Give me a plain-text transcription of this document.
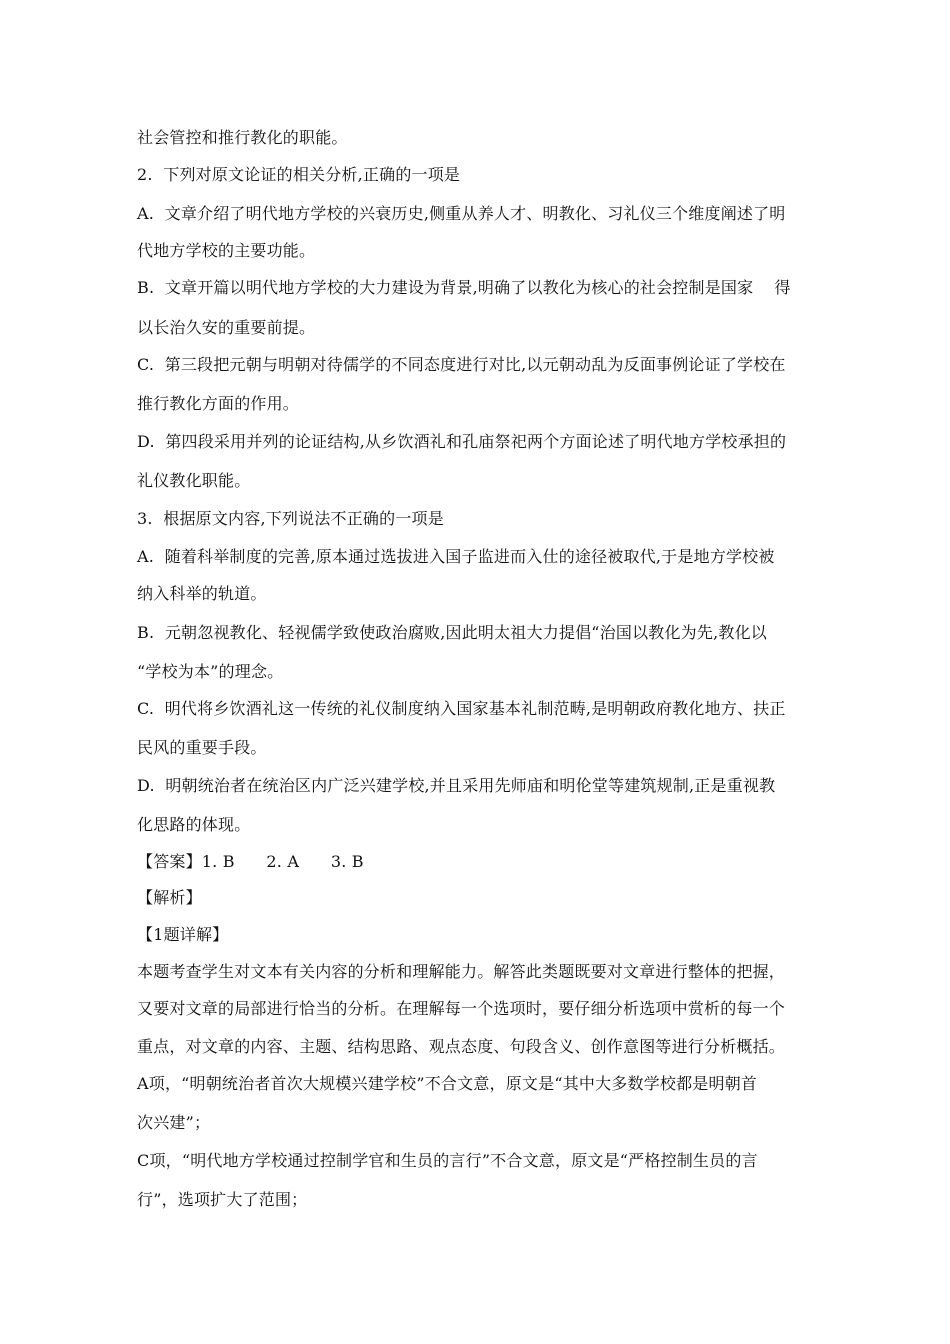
社会管控和推行教化的职能。
2.  下列对原文论证的相关分析,正确的一项是
A.  文章介绍了明代地方学校的兴衰历史,侧重从养人才、明教化、习礼仪三个维度阐述了明
代地方学校的主要功能。
B.  文章开篇以明代地方学校的大力建设为背景,明确了以教化为核心的社会控制是国家    得
以长治久安的重要前提。
C.  第三段把元朝与明朝对待儒学的不同态度进行对比,以元朝动乱为反面事例论证了学校在
推行教化方面的作用。
D.  第四段采用并列的论证结构,从乡饮酒礼和孔庙祭祀两个方面论述了明代地方学校承担的
礼仪教化职能。
3.  根据原文内容,下列说法不正确的一项是
A.  随着科举制度的完善,原本通过选拔进入国子监进而入仕的途径被取代,于是地方学校被
纳入科举的轨道。
B.  元朝忽视教化、轻视儒学致使政治腐败,因此明太祖大力提倡“治国以教化为先,教化以
“学校为本”的理念。
C.  明代将乡饮酒礼这一传统的礼仪制度纳入国家基本礼制范畴,是明朝政府教化地方、扶正
民风的重要手段。
D.  明朝统治者在统治区内广泛兴建学校,并且采用先师庙和明伦堂等建筑规制,正是重视教
化思路的体现。
【答案】1. B      2. A      3. B
【解析】
【1题详解】
本题考查学生对文本有关内容的分析和理解能力。解答此类题既要对文章进行整体的把握，
又要对文章的局部进行恰当的分析。在理解每一个选项时，要仔细分析选项中赏析的每一个
重点，对文章的内容、主题、结构思路、观点态度、句段含义、创作意图等进行分析概括。
A项，“明朝统治者首次大规模兴建学校”不合文意，原文是“其中大多数学校都是明朝首
次兴建”；
C项，“明代地方学校通过控制学官和生员的言行”不合文意，原文是“严格控制生员的言
行”，选项扩大了范围；
